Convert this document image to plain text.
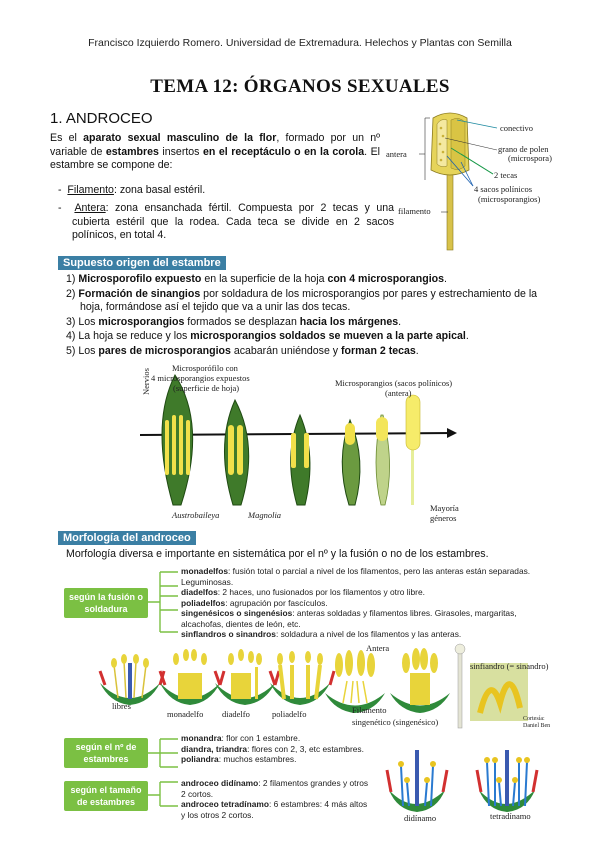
Francisco Izquierdo Romero. Universidad de Extremadura. Helechos y Plantas con Semilla
TEMA 12: ÓRGANOS SEXUALES
1. ANDROCEO
Es el aparato sexual masculino de la flor, formado por un nº variable de estambres insertos en el receptáculo o en la corola. El estambre se compone de:
-  Filamento: zona basal estéril.
-  Antera: zona ensanchada fértil. Compuesta por 2 tecas y una cubierta estéril que la rodea. Cada teca se divide en 2 sacos polínicos, en total 4.
conectivo
grano de polen
(microspora)
antera
2 tecas
4 sacos polínicos
(microsporangios)
filamento
Supuesto origen del estambre
1) Microsporofilo expuesto en la superficie de la hoja con 4 microsporangios.
2) Formación de sinangios por soldadura de los microsporangios por pares y estrechamiento de la hoja, formándose así el tejido que va a unir las dos tecas.
3) Los microsporangios formados se desplazan hacia los márgenes.
4) La hoja se reduce y los microsporangios soldados se mueven a la parte apical.
5) Los pares de microsporangios acabarán uniéndose y forman 2 tecas.
Microsporófilo con
4 microsporangios expuestos
(superficie de hoja)
Nervios	Microsporangios (sacos polínicos)
(antera)
Austrobaileya	Magnolia
Mayoría
géneros
Morfología del androceo
Morfología diversa e importante en sistemática por el nº y la fusión o no de los estambres.
según la fusión o soldadura
monadelfos: fusión total o parcial a nivel de los filamentos, pero las anteras están separadas. Leguminosas.
diadelfos: 2 haces, uno fusionados por los filamentos y otro libre.
poliadelfos: agrupación por fascículos.
singenésicos o singenésios: anteras soldadas y filamentos libres. Girasoles, margaritas, alcachofas, dientes de león, etc.
sinflandros o sinandros: soldadura a nivel de los filamentos y las anteras.
libres
monadelfo diadelfo	poliadelfo
Antera
Filamento
singenético (singenésico)
sinfiandro (= sinandro)
Cortesía:
Daniel Ben
según el nº de estambres
monandra: flor con 1 estambre.
diandra, triandra: flores con 2, 3, etc estambres.
poliandra: muchos estambres.
según el tamaño de estambres
androceo didínamo: 2 filamentos grandes y otros 2 cortos.
androceo tetradínamo: 6 estambres: 4 más altos y los otros 2 cortos.	didínamo	tetradínamo
